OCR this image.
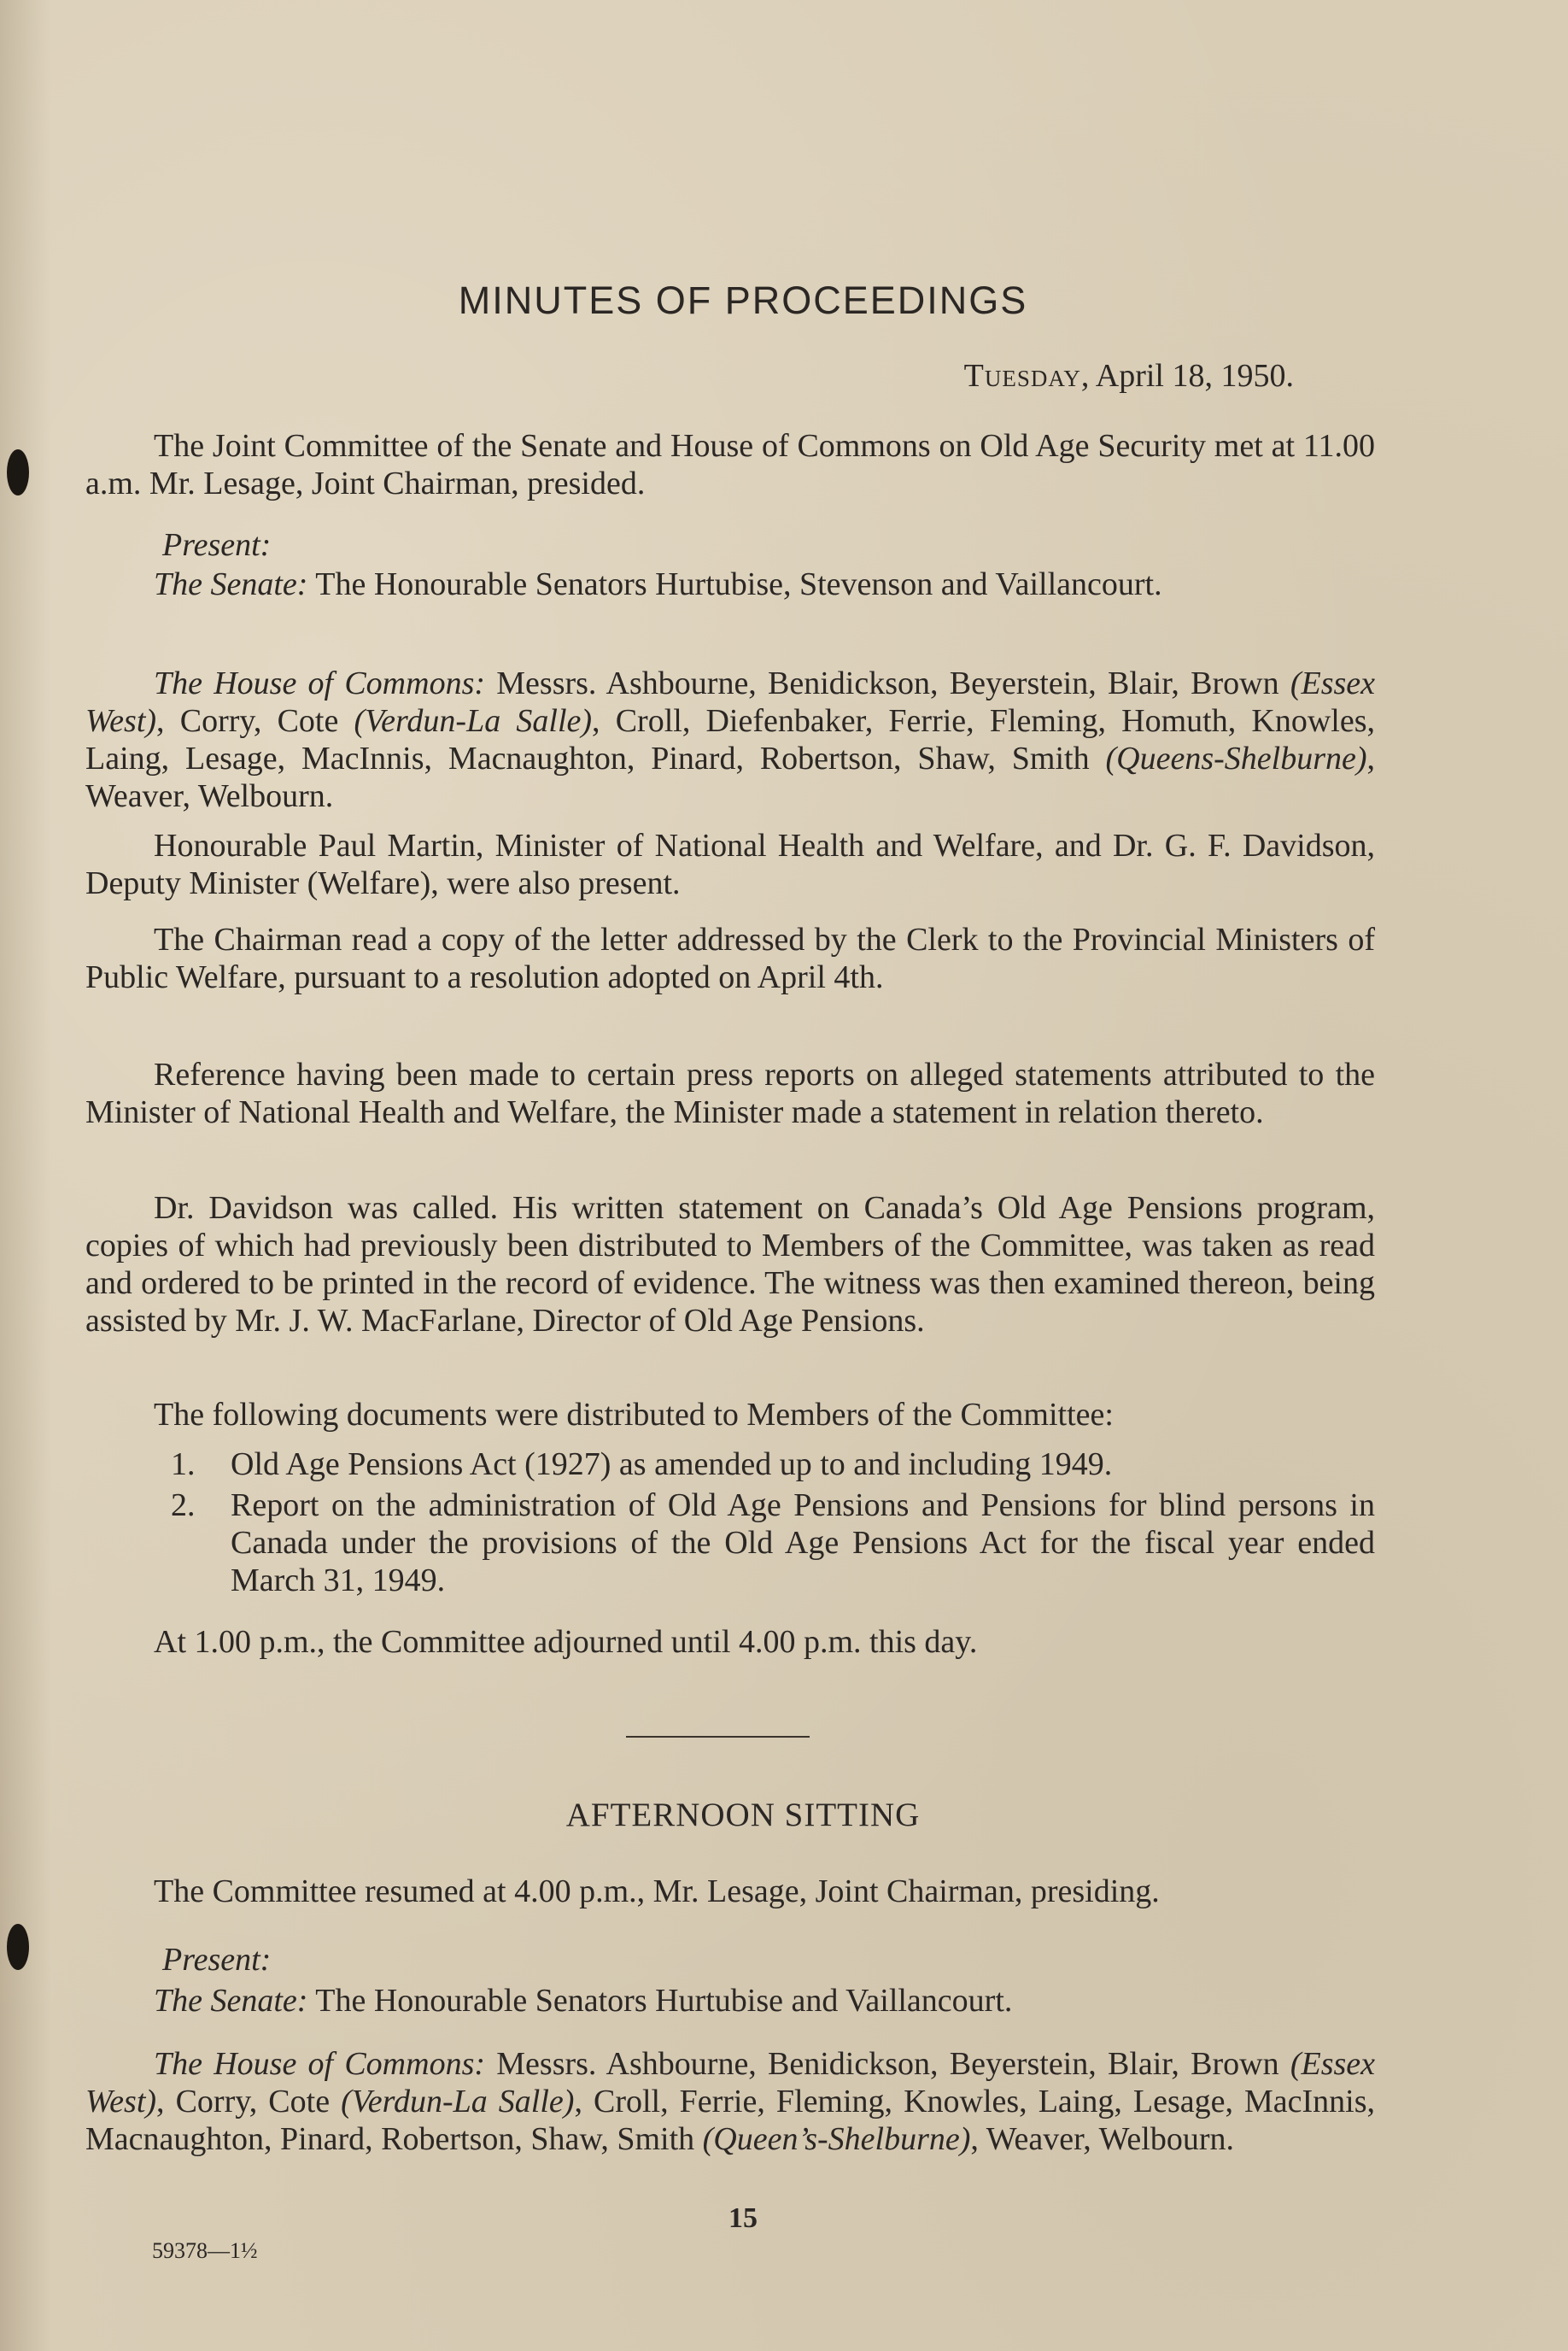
MINUTES OF PROCEEDINGS
Tuesday, April 18, 1950.

The Joint Committee of the Senate and House of Commons on Old Age Security met at 11.00 a.m. Mr. Lesage, Joint Chairman, presided.

Present:

The Senate: The Honourable Senators Hurtubise, Stevenson and Vaillancourt.

The House of Commons: Messrs. Ashbourne, Benidickson, Beyerstein, Blair, Brown (Essex West), Corry, Cote (Verdun-La Salle), Croll, Diefenbaker, Ferrie, Fleming, Homuth, Knowles, Laing, Lesage, MacInnis, Macnaughton, Pinard, Robertson, Shaw, Smith (Queens-Shelburne), Weaver, Welbourn.

Honourable Paul Martin, Minister of National Health and Welfare, and Dr. G. F. Davidson, Deputy Minister (Welfare), were also present.

The Chairman read a copy of the letter addressed by the Clerk to the Provincial Ministers of Public Welfare, pursuant to a resolution adopted on April 4th.

Reference having been made to certain press reports on alleged statements attributed to the Minister of National Health and Welfare, the Minister made a statement in relation thereto.

Dr. Davidson was called. His written statement on Canada’s Old Age Pensions program, copies of which had previously been distributed to Members of the Committee, was taken as read and ordered to be printed in the record of evidence. The witness was then examined thereon, being assisted by Mr. J. W. MacFarlane, Director of Old Age Pensions.

The following documents were distributed to Members of the Committee:

1.	Old Age Pensions Act (1927) as amended up to and including 1949.
2.	Report on the administration of Old Age Pensions and Pensions for blind persons in Canada under the provisions of the Old Age Pensions Act for the fiscal year ended March 31, 1949.

At 1.00 p.m., the Committee adjourned until 4.00 p.m. this day.

AFTERNOON SITTING

The Committee resumed at 4.00 p.m., Mr. Lesage, Joint Chairman, presiding.

Present:

The Senate: The Honourable Senators Hurtubise and Vaillancourt.

The House of Commons: Messrs. Ashbourne, Benidickson, Beyerstein, Blair, Brown (Essex West), Corry, Cote (Verdun-La Salle), Croll, Ferrie, Fleming, Knowles, Laing, Lesage, MacInnis, Macnaughton, Pinard, Robertson, Shaw, Smith (Queen’s-Shelburne), Weaver, Welbourn.

15
59378—1½
